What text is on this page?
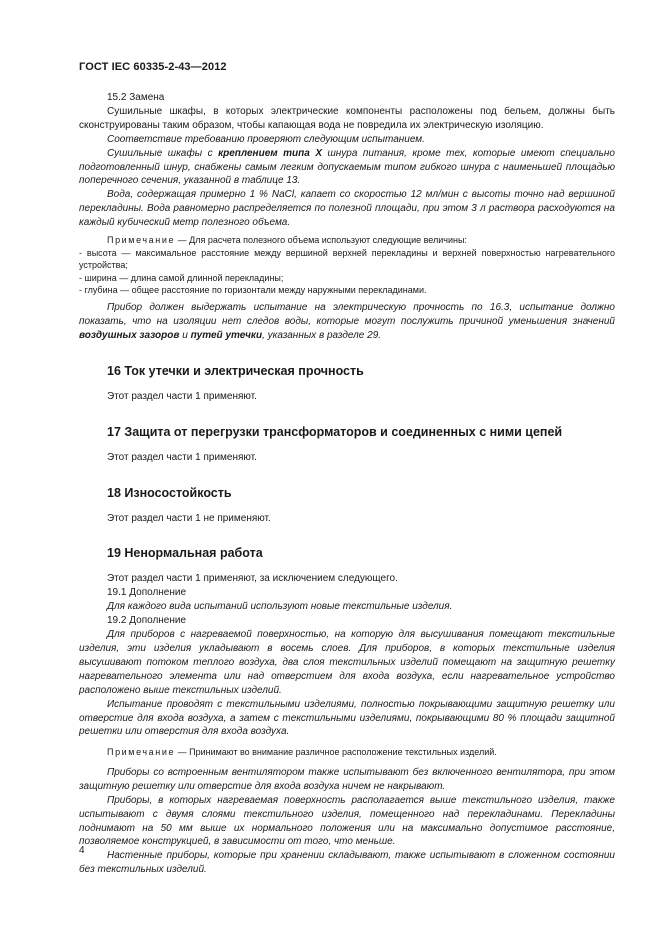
ГОСТ IEC 60335-2-43—2012

15.2 Замена

Сушильные шкафы, в которых электрические компоненты расположены под бельем, должны быть сконструированы таким образом, чтобы капающая вода не повредила их электрическую изоляцию.

Соответствие требованию проверяют следующим испытанием.

Сушильные шкафы с креплением типа X шнура питания, кроме тех, которые имеют специально подготовленный шнур, снабжены самым легким допускаемым типом гибкого шнура с наименьшей площадью поперечного сечения, указанной в таблице 13.

Вода, содержащая примерно 1 % NaCl, капает со скоростью 12 мл/мин с высоты точно над вершиной перекладины. Вода равномерно распределяется по полезной площади, при этом 3 л раствора расходуются на каждый кубический метр полезного объема.

Примечание — Для расчета полезного объема используют следующие величины:

- высота — максимальное расстояние между вершиной верхней перекладины и верхней поверхностью нагревательного устройства;

- ширина — длина самой длинной перекладины;

- глубина — общее расстояние по горизонтали между наружными перекладинами.

Прибор должен выдержать испытание на электрическую прочность по 16.3, испытание должно показать, что на изоляции нет следов воды, которые могут послужить причиной уменьшения значений воздушных зазоров и путей утечки, указанных в разделе 29.

16 Ток утечки и электрическая прочность

Этот раздел части 1 применяют.

17 Защита от перегрузки трансформаторов и соединенных с ними цепей

Этот раздел части 1 применяют.

18 Износостойкость

Этот раздел части 1 не применяют.

19 Ненормальная работа

Этот раздел части 1 применяют, за исключением следующего.

19.1 Дополнение

Для каждого вида испытаний используют новые текстильные изделия.

19.2 Дополнение

Для приборов с нагреваемой поверхностью, на которую для высушивания помещают текстильные изделия, эти изделия укладывают в восемь слоев. Для приборов, в которых текстильные изделия высушивают потоком теплого воздуха, два слоя текстильных изделий помещают на защитную решетку нагревательного элемента или над отверстием для входа воздуха, если нагревательное устройство расположено выше текстильных изделий.

Испытание проводят с текстильными изделиями, полностью покрывающими защитную решетку или отверстие для входа воздуха, а затем с текстильными изделиями, покрывающими 80 % площади защитной решетки или отверстия для входа воздуха.

Примечание — Принимают во внимание различное расположение текстильных изделий.

Приборы со встроенным вентилятором также испытывают без включенного вентилятора, при этом защитную решетку или отверстие для входа воздуха ничем не накрывают.

Приборы, в которых нагреваемая поверхность располагается выше текстильного изделия, также испытывают с двумя слоями текстильного изделия, помещенного над перекладинами. Перекладины поднимают на 50 мм выше их нормального положения или на максимально допустимое расстояние, позволяемое конструкцией, в зависимости от того, что меньше.

Настенные приборы, которые при хранении складывают, также испытывают в сложенном состоянии без текстильных изделий.

4
